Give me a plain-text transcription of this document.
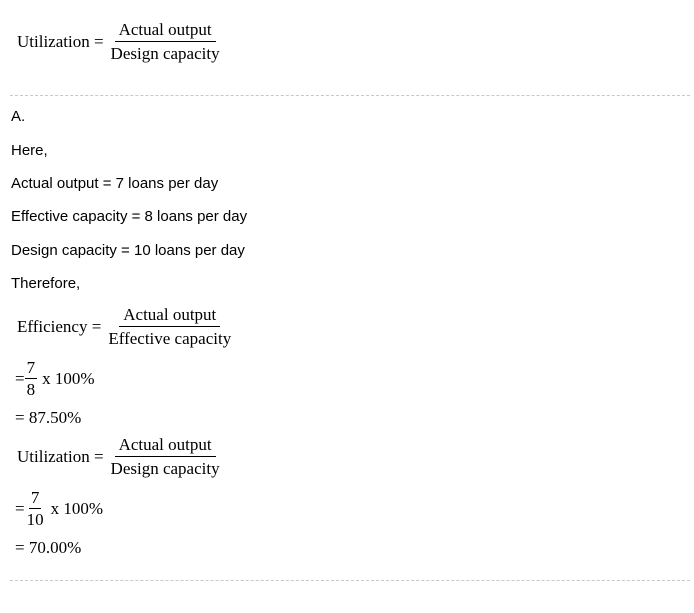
Utilization = $\frac{\text{Actual output}}{\text{Design capacity}}$
A.
Here,
Actual output = 7 loans per day
Effective capacity = 8 loans per day
Design capacity = 10 loans per day
Therefore,
Efficiency = $\frac{\text{Actual output}}{\text{Effective capacity}}$
= $\frac{7}{8}$ x 100%
= 87.50%
Utilization = $\frac{\text{Actual output}}{\text{Design capacity}}$
= $\frac{7}{10}$ x 100%
= 70.00%
